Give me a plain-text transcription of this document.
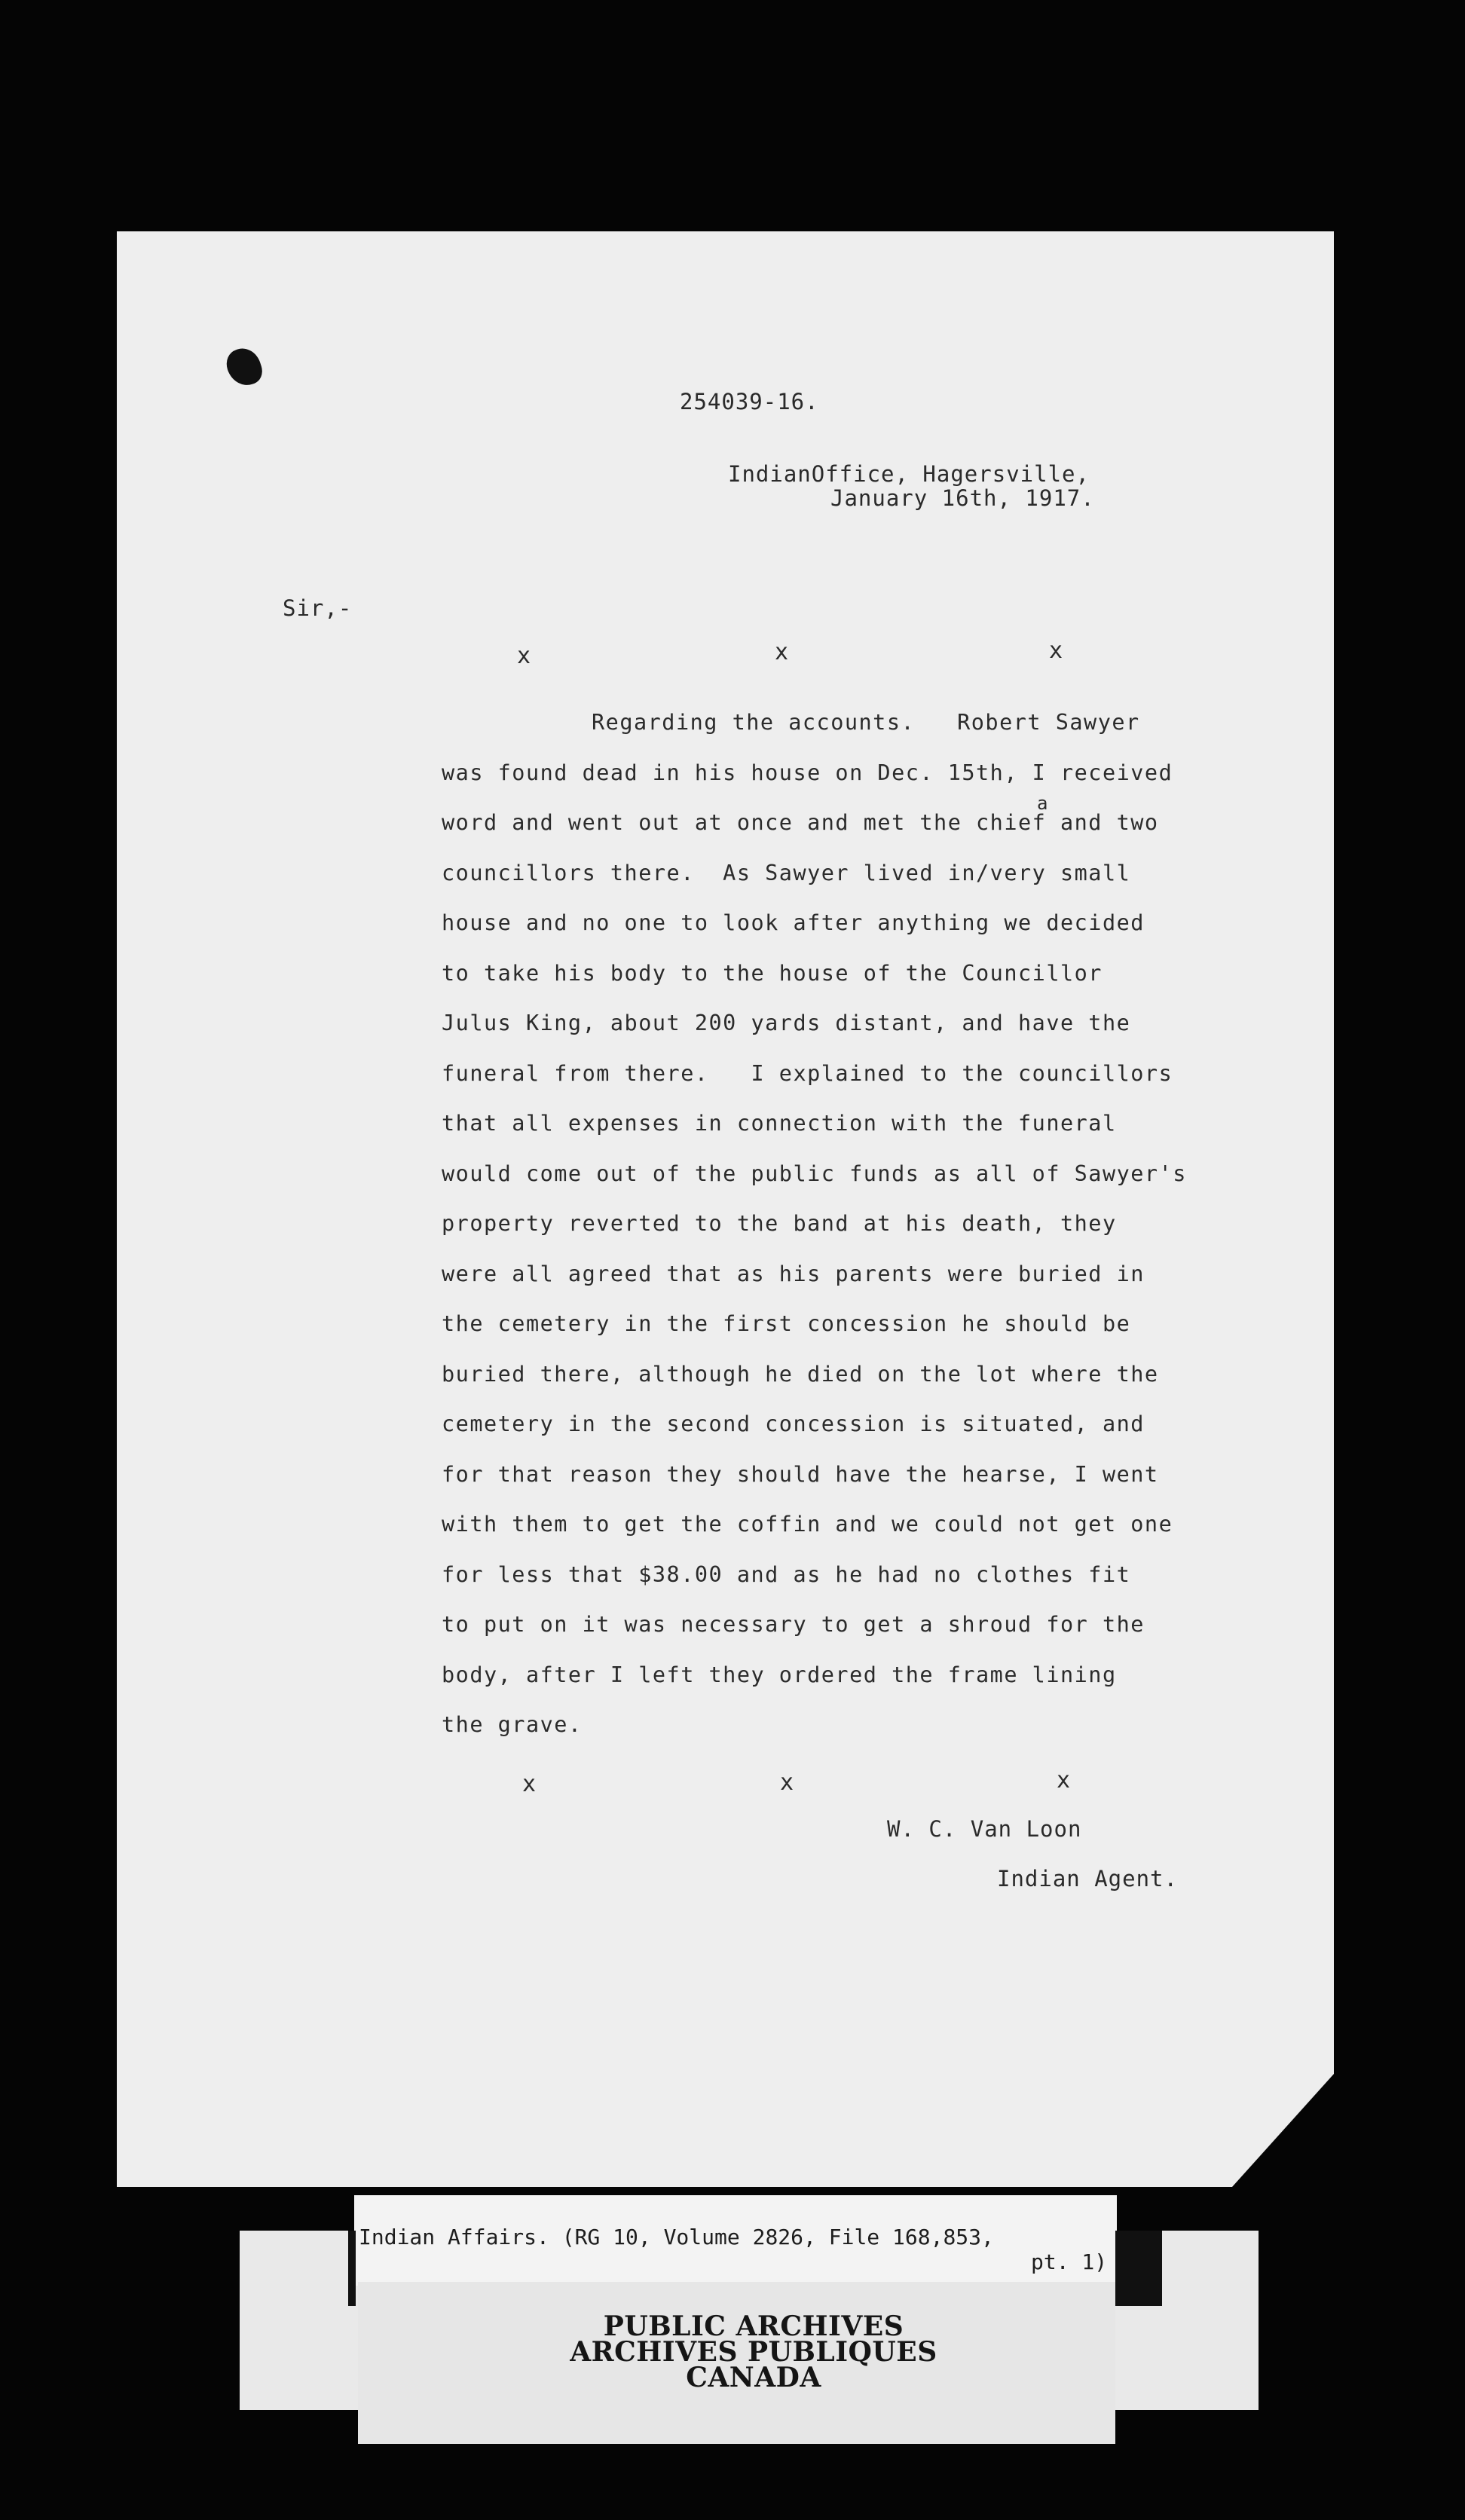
254039-16.
IndianOffice, Hagersville,
January 16th, 1917.
Sir,-
x	x	x
a
Regarding the accounts.   Robert Sawyer
was found dead in his house on Dec. 15th, I received
word and went out at once and met the chief and two
councillors there.  As Sawyer lived in/very small
house and no one to look after anything we decided
to take his body to the house of the Councillor
Julus King, about 200 yards distant, and have the
funeral from there.   I explained to the councillors
that all expenses in connection with the funeral
would come out of the public funds as all of Sawyer's
property reverted to the band at his death, they
were all agreed that as his parents were buried in
the cemetery in the first concession he should be
buried there, although he died on the lot where the
cemetery in the second concession is situated, and
for that reason they should have the hearse, I went
with them to get the coffin and we could not get one
for less that $38.00 and as he had no clothes fit
to put on it was necessary to get a shroud for the
body, after I left they ordered the frame lining
the grave.
x	x	x
W. C. Van Loon
Indian Agent.
Indian Affairs. (RG 10, Volume 2826, File 168,853,
pt. 1)
PUBLIC ARCHIVES
ARCHIVES PUBLIQUES
CANADA
